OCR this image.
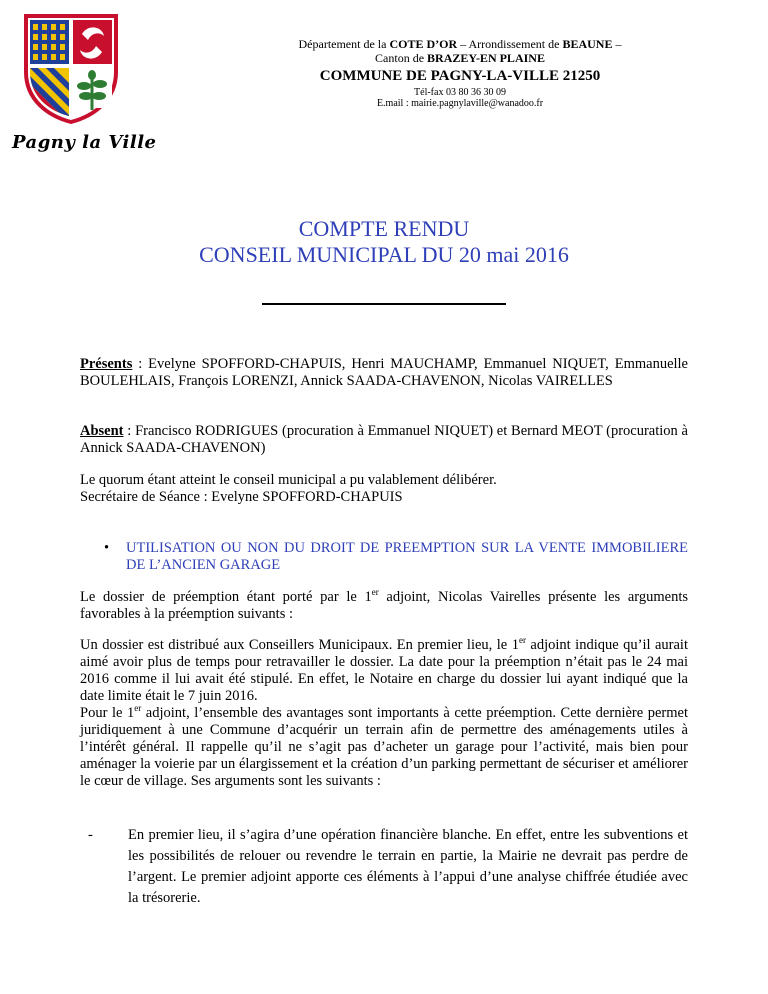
Pagny la Ville
Département de la COTE D’OR – Arrondissement de BEAUNE –
Canton de BRAZEY-EN PLAINE
COMMUNE DE PAGNY-LA-VILLE 21250
Tél-fax 03 80 36 30 09
E.mail : mairie.pagnylaville@wanadoo.fr
COMPTE RENDU
CONSEIL MUNICIPAL DU 20 mai 2016
Présents : Evelyne SPOFFORD-CHAPUIS, Henri MAUCHAMP, Emmanuel NIQUET, Emmanuelle BOULEHLAIS, François LORENZI, Annick SAADA-CHAVENON, Nicolas VAIRELLES
Absent : Francisco RODRIGUES (procuration à Emmanuel NIQUET) et Bernard MEOT (procuration à Annick SAADA-CHAVENON)
Le quorum étant atteint le conseil municipal a pu valablement délibérer.
Secrétaire de Séance : Evelyne SPOFFORD-CHAPUIS
• UTILISATION OU NON DU DROIT DE PREEMPTION SUR LA VENTE IMMOBILIERE DE L’ANCIEN GARAGE
Le dossier de préemption étant porté par le 1er adjoint, Nicolas Vairelles présente les arguments favorables à la préemption suivants :
Un dossier est distribué aux Conseillers Municipaux. En premier lieu, le 1er adjoint indique qu’il aurait aimé avoir plus de temps pour retravailler le dossier. La date pour la préemption n’était pas le 24 mai 2016 comme il lui avait été stipulé. En effet, le Notaire en charge du dossier lui ayant indiqué que la date limite était le 7 juin 2016.
Pour le 1er adjoint, l’ensemble des avantages sont importants à cette préemption. Cette dernière permet juridiquement à une Commune d’acquérir un terrain afin de permettre des aménagements utiles à l’intérêt général. Il rappelle qu’il ne s’agit pas d’acheter un garage pour l’activité, mais bien pour aménager la voierie par un élargissement et la création d’un parking permettant de sécuriser et améliorer le cœur de village. Ses arguments sont les suivants :
- En premier lieu, il s’agira d’une opération financière blanche. En effet, entre les subventions et les possibilités de relouer ou revendre le terrain en partie, la Mairie ne devrait pas perdre de l’argent. Le premier adjoint apporte ces éléments à l’appui d’une analyse chiffrée étudiée avec la trésorerie.
